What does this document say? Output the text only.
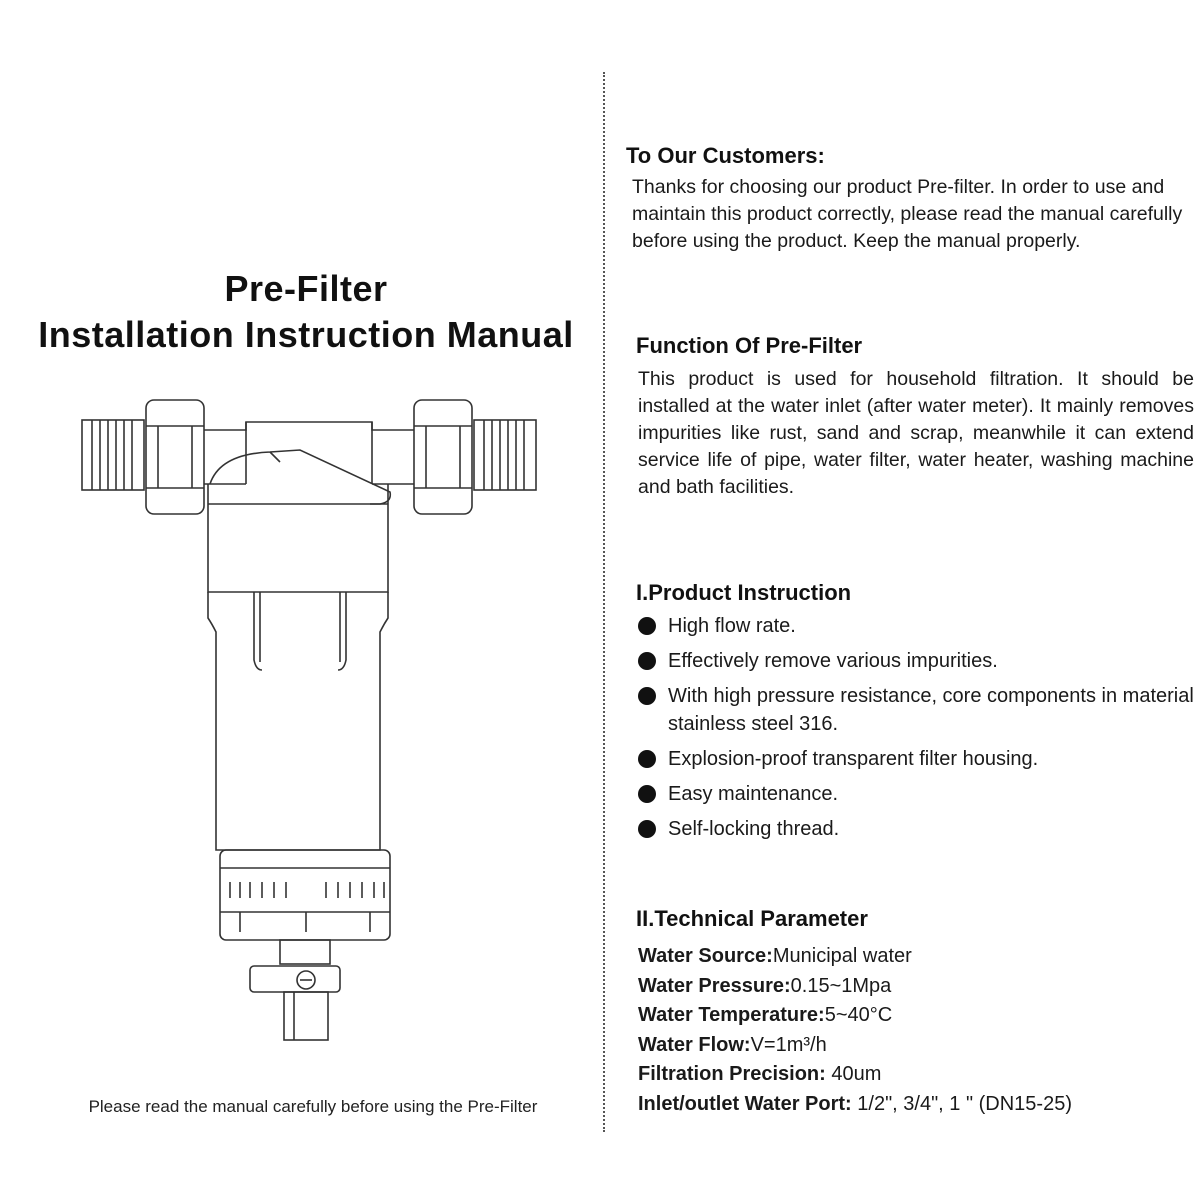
Pre-Filter
Installation Instruction Manual

Please read the manual carefully before using the Pre-Filter

To Our Customers:

Thanks for choosing our product Pre-filter. In order to use and maintain this product correctly, please read the manual carefully before using the product. Keep the manual properly.

Function Of Pre-Filter

This product is used for household filtration. It should be installed at the water inlet (after water meter). It mainly removes impurities like rust, sand and scrap, meanwhile it can extend service life of pipe, water filter, water heater, washing machine and bath facilities.

I.Product Instruction
High flow rate.
Effectively remove various impurities.
With high pressure resistance, core components in material stainless steel 316.
Explosion-proof transparent filter housing.
Easy maintenance.
Self-locking thread.
II.Technical Parameter
Water Source:Municipal water
Water Pressure:0.15~1Mpa
Water Temperature:5~40°C
Water Flow:V=1m³/h
Filtration Precision: 40um
Inlet/outlet Water Port: 1/2", 3/4", 1 " (DN15-25)
